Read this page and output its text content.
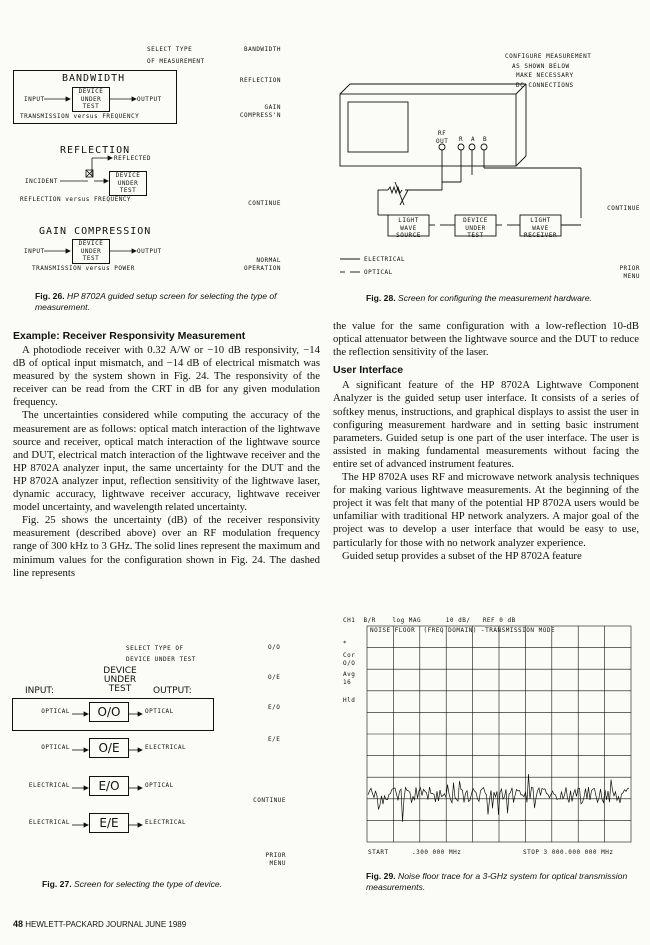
SELECT TYPE
OF MEASUREMENT
BANDWIDTH
INPUT
DEVICE
UNDER
TEST
OUTPUT
TRANSMISSION versus FREQUENCY
REFLECTION
REFLECTED
INCIDENT
DEVICE
UNDER
TEST
REFLECTION versus FREQUENCY
GAIN COMPRESSION
INPUT
DEVICE
UNDER
TEST
OUTPUT
TRANSMISSION versus POWER
BANDWIDTH
REFLECTION
GAIN
COMPRESS'N
CONTINUE
NORMAL
OPERATION
Fig. 26. HP 8702A guided setup screen for selecting the type of measurement.
CONFIGURE MEASUREMENT
AS SHOWN BELOW
MAKE NECESSARY
DC CONNECTIONS
RF
OUT R A B
LIGHT
WAVE
SOURCE
DEVICE
UNDER
TEST
LIGHT
WAVE
RECEIVER
ELECTRICAL
OPTICAL
CONTINUE
PRIOR
MENU
Fig. 28. Screen for configuring the measurement hardware.
Example: Receiver Responsivity Measurement

A photodiode receiver with 0.32 A/W or −10 dB responsivity, −14 dB of optical input mismatch, and −14 dB of electrical mismatch was measured by the system shown in Fig. 24. The responsivity of the receiver can be read from the CRT in dB for any given modulation frequency.

The uncertainties considered while computing the accuracy of the measurement are as follows: optical match interaction of the lightwave source and receiver, optical match interaction of the lightwave source and DUT, electrical match interaction of the lightwave receiver and the HP 8702A analyzer input, the same uncertainty for the DUT and the HP 8702A analyzer input, reflection sensitivity of the lightwave laser, dynamic accuracy, lightwave receiver accuracy, lightwave receiver model uncertainty, and wavelength related uncertainty.

Fig. 25 shows the uncertainty (dB) of the receiver responsivity measurement (described above) over an RF modulation frequency range of 300 kHz to 3 GHz. The solid lines represent the maximum and minimum values for the configuration shown in Fig. 24. The dashed line represents

the value for the same configuration with a low-reflection 10-dB optical attenuator between the lightwave source and the DUT to reduce the reflection sensitivity of the laser.

User Interface

A significant feature of the HP 8702A Lightwave Component Analyzer is the guided setup user interface. It consists of a series of softkey menus, instructions, and graphical displays to assist the user in configuring measurement hardware and in setting basic instrument parameters. Guided setup is one part of the user interface. The user is assisted in making fundamental measurements without facing the entire set of advanced instrument features.

The HP 8702A uses RF and microwave network analysis techniques for making various lightwave measurements. At the beginning of the project it was felt that many of the potential HP 8702A users would be unfamiliar with traditional HP network analyzers. A major goal of the project was to develop a user interface that would be easy to use, particularly for those with no network analyzer experience.

Guided setup provides a subset of the HP 8702A feature

SELECT TYPE OF
DEVICE UNDER TEST
INPUT:
DEVICE
UNDER
TEST	OUTPUT:
OPTICAL	O/O	OPTICAL
OPTICAL	O/E	ELECTRICAL
ELECTRICAL	E/O	OPTICAL
ELECTRICAL	E/E	ELECTRICAL
O/O
O/E
E/O
E/E
CONTINUE
PRIOR
MENU
Fig. 27. Screen for selecting the type of device.
CH1  B/R    log MAG      10 dB/   REF 0 dB
NOISE FLOOR  (FREQ DOMAIN) -TRANSMISSION MODE
*
Cor
O/O
Avg
16
Hld
START	.300 000 MHz	STOP 3 000.000 000 MHz
Fig. 29. Noise floor trace for a 3-GHz system for optical transmission measurements.
48 HEWLETT-PACKARD JOURNAL JUNE 1989
